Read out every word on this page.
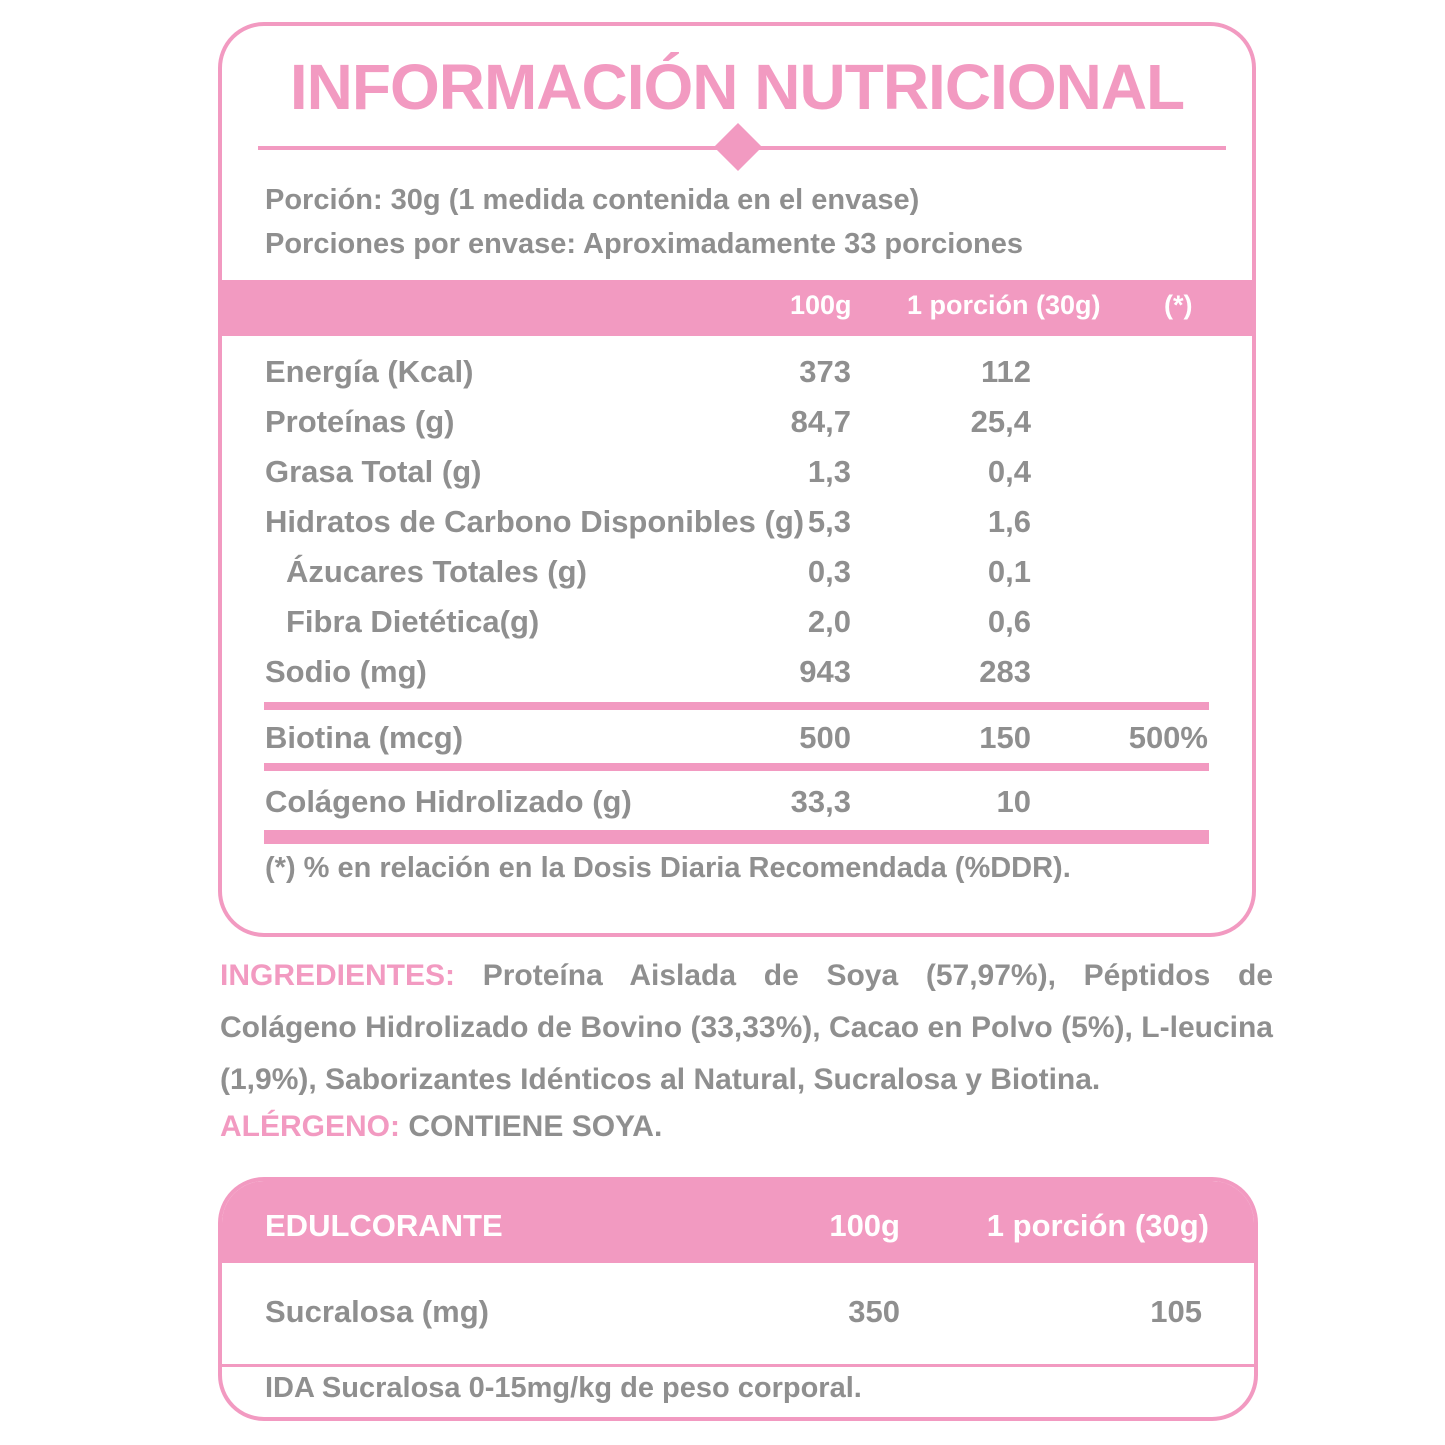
INFORMACIÓN NUTRICIONAL
Porción: 30g (1 medida contenida en el envase)
Porciones por envase: Aproximadamente 33 porciones
100g 1 porción (30g) (*)
Energía (Kcal)	373	112
Proteínas (g)	84,7	25,4
Grasa Total (g)	1,3	0,4
Hidratos de Carbono Disponibles (g) 5,3	1,6
Ázucares Totales (g)	0,3	0,1
Fibra Dietética(g)	2,0	0,6
Sodio (mg)	943	283
Biotina (mcg)	500	150	500%
Colágeno Hidrolizado (g)	33,3	10
(*) % en relación en la Dosis Diaria Recomendada (%DDR).
INGREDIENTES: Proteína Aislada de Soya (57,97%), Péptidos de Colágeno Hidrolizado de Bovino (33,33%), Cacao en Polvo (5%), L-leucina (1,9%), Saborizantes Idénticos al Natural, Sucralosa y Biotina.
ALÉRGENO: CONTIENE SOYA.
EDULCORANTE	100g	1 porción (30g)
Sucralosa (mg)	350	105
IDA Sucralosa 0-15mg/kg de peso corporal.
